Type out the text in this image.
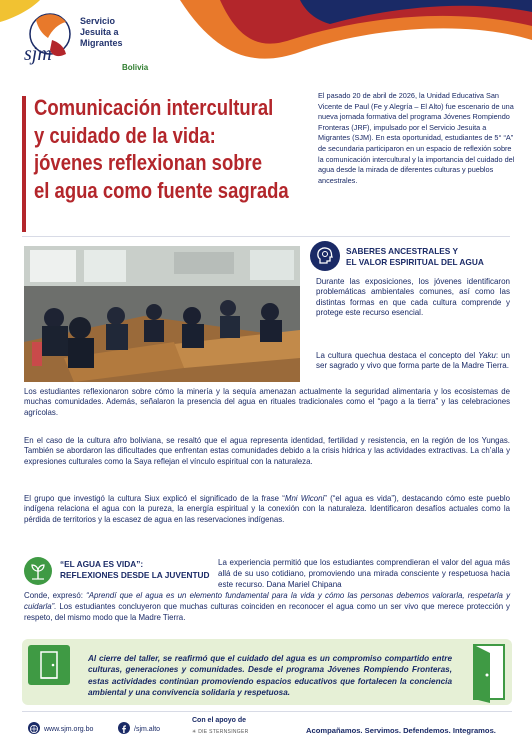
sjm
Servicio
Jesuita a
Migrantes
Bolivia
Comunicación intercultural
y cuidado de la vida:
jóvenes reflexionan sobre
el agua como fuente sagrada

El pasado 20 de abril de 2026, la Unidad Educativa San Vicente de Paul (Fe y Alegría – El Alto) fue escenario de una nueva jornada formativa del programa Jóvenes Rompiendo Fronteras (JRF), impulsado por el Servicio Jesuita a Migrantes (SJM). En esta oportunidad, estudiantes de 5° “A” de secundaria participaron en un espacio de reflexión sobre la comunicación intercultural y la importancia del cuidado del agua desde la mirada de diferentes culturas y pueblos ancestrales.

SABERES ANCESTRALES Y
EL VALOR ESPIRITUAL DEL AGUA

Durante las exposiciones, los jóvenes identificaron problemáticas ambientales comunes, así como las distintas formas en que cada cultura comprende y protege este recurso esencial.

La cultura quechua destaca el concepto del Yaku: un ser sagrado y vivo que forma parte de la Madre Tierra.

Los estudiantes reflexionaron sobre cómo la minería y la sequía amenazan actualmente la seguridad alimentaria y los ecosistemas de muchas comunidades. Además, señalaron la presencia del agua en rituales tradicionales como el “pago a la tierra” y las celebraciones agrícolas.

En el caso de la cultura afro boliviana, se resaltó que el agua representa identidad, fertilidad y resistencia, en la región de los Yungas. También se abordaron las dificultades que enfrentan estas comunidades debido a la crisis hídrica y las actividades extractivas. La ch’alla y expresiones culturales como la Saya reflejan el vínculo espiritual con la naturaleza.

El grupo que investigó la cultura Siux explicó el significado de la frase “Mni Wiconi” (“el agua es vida”), destacando cómo este pueblo indígena relaciona el agua con la pureza, la energía espiritual y la conexión con la naturaleza. Identificaron desafíos actuales como la pérdida de territorios y la escasez de agua en las reservaciones indígenas.

“EL AGUA ES VIDA”:
REFLEXIONES DESDE LA JUVENTUD

La experiencia permitió que los estudiantes comprendieran el valor del agua más allá de su uso cotidiano, promoviendo una mirada consciente y respetuosa hacia este recurso. Dana Mariel Chipana

Conde, expresó: “Aprendí que el agua es un elemento fundamental para la vida y cómo las personas debemos valorarla, respetarla y cuidarla”. Los estudiantes concluyeron que muchas culturas coinciden en reconocer el agua como un ser vivo que merece protección y respeto, del mismo modo que la Madre Tierra.

Al cierre del taller, se reafirmó que el cuidado del agua es un compromiso compartido entre culturas, generaciones y comunidades. Desde el programa Jóvenes Rompiendo Fronteras, estas actividades continúan promoviendo espacios educativos que fortalecen la conciencia ambiental y una convivencia solidaria y respetuosa.

www.sjm.org.bo	/sjm.alto
Con el apoyo de
✳ DIE STERNSINGER	Acompañamos. Servimos. Defendemos. Integramos.
